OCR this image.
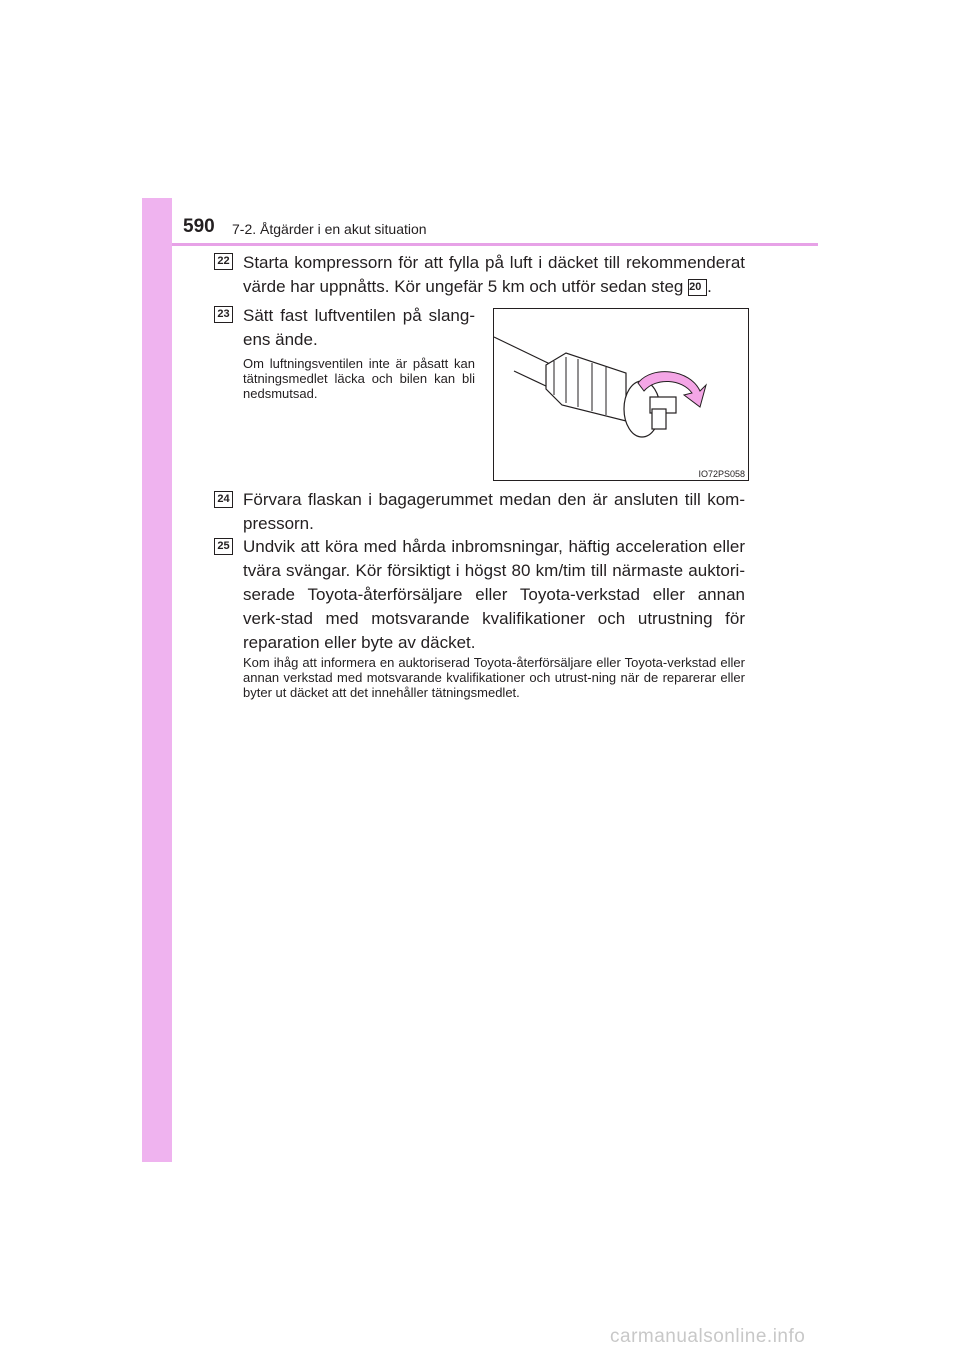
590 7-2. Åtgärder i en akut situation
22 Starta kompressorn för att fylla på luft i däcket till rekommenderat värde har uppnåtts. Kör ungefär 5 km och utför sedan steg 20 .
23 Sätt fast luftventilen på slang-ens ände.
Om luftningsventilen inte är påsatt kan tätningsmedlet läcka och bilen kan bli nedsmutsad.
IO72PS058
24 Förvara flaskan i bagagerummet medan den är ansluten till kom-pressorn.
25 Undvik att köra med hårda inbromsningar, häftig acceleration eller tvära svängar. Kör försiktigt i högst 80 km/tim till närmaste auktori-serade Toyota-återförsäljare eller Toyota-verkstad eller annan verk-stad med motsvarande kvalifikationer och utrustning för reparation eller byte av däcket.
Kom ihåg att informera en auktoriserad Toyota-återförsäljare eller Toyota-verkstad eller annan verkstad med motsvarande kvalifikationer och utrust-ning när de reparerar eller byter ut däcket att det innehåller tätningsmedlet.
carmanualsonline.info
